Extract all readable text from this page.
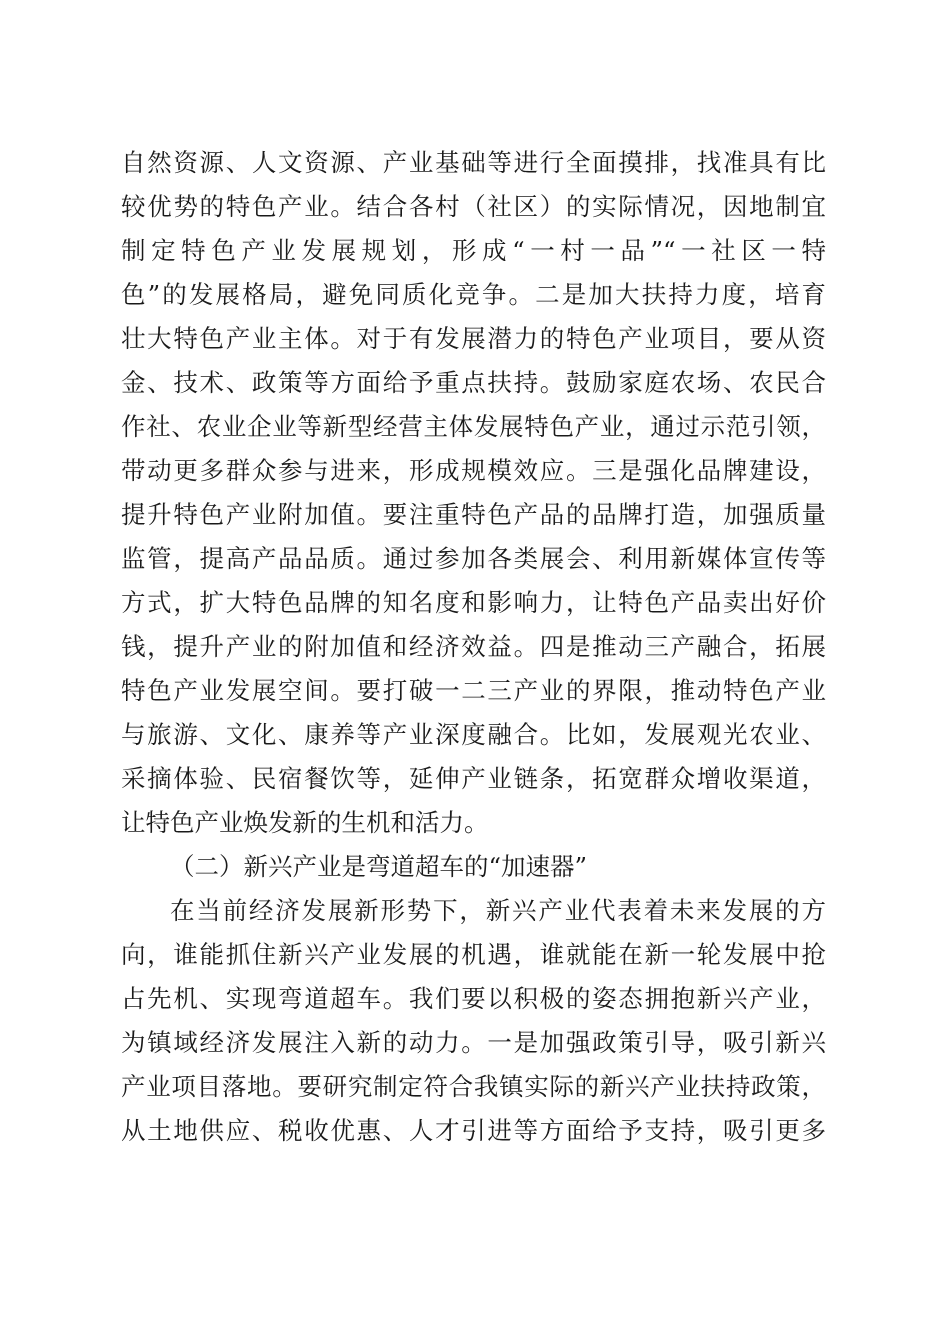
自然资源、人文资源、产业基础等进行全面摸排，找准具有比
较优势的特色产业。结合各村（社区）的实际情况，因地制宜
制定特色产业发展规划，形成“一村一品”“一社区一特
色”的发展格局，避免同质化竞争。二是加大扶持力度，培育
壮大特色产业主体。对于有发展潜力的特色产业项目，要从资
金、技术、政策等方面给予重点扶持。鼓励家庭农场、农民合
作社、农业企业等新型经营主体发展特色产业，通过示范引领，
带动更多群众参与进来，形成规模效应。三是强化品牌建设，
提升特色产业附加值。要注重特色产品的品牌打造，加强质量
监管，提高产品品质。通过参加各类展会、利用新媒体宣传等
方式，扩大特色品牌的知名度和影响力，让特色产品卖出好价
钱，提升产业的附加值和经济效益。四是推动三产融合，拓展
特色产业发展空间。要打破一二三产业的界限，推动特色产业
与旅游、文化、康养等产业深度融合。比如，发展观光农业、
采摘体验、民宿餐饮等，延伸产业链条，拓宽群众增收渠道，
让特色产业焕发新的生机和活力。
（二）新兴产业是弯道超车的“加速器”
在当前经济发展新形势下，新兴产业代表着未来发展的方
向，谁能抓住新兴产业发展的机遇，谁就能在新一轮发展中抢
占先机、实现弯道超车。我们要以积极的姿态拥抱新兴产业，
为镇域经济发展注入新的动力。一是加强政策引导，吸引新兴
产业项目落地。要研究制定符合我镇实际的新兴产业扶持政策，
从土地供应、税收优惠、人才引进等方面给予支持，吸引更多
